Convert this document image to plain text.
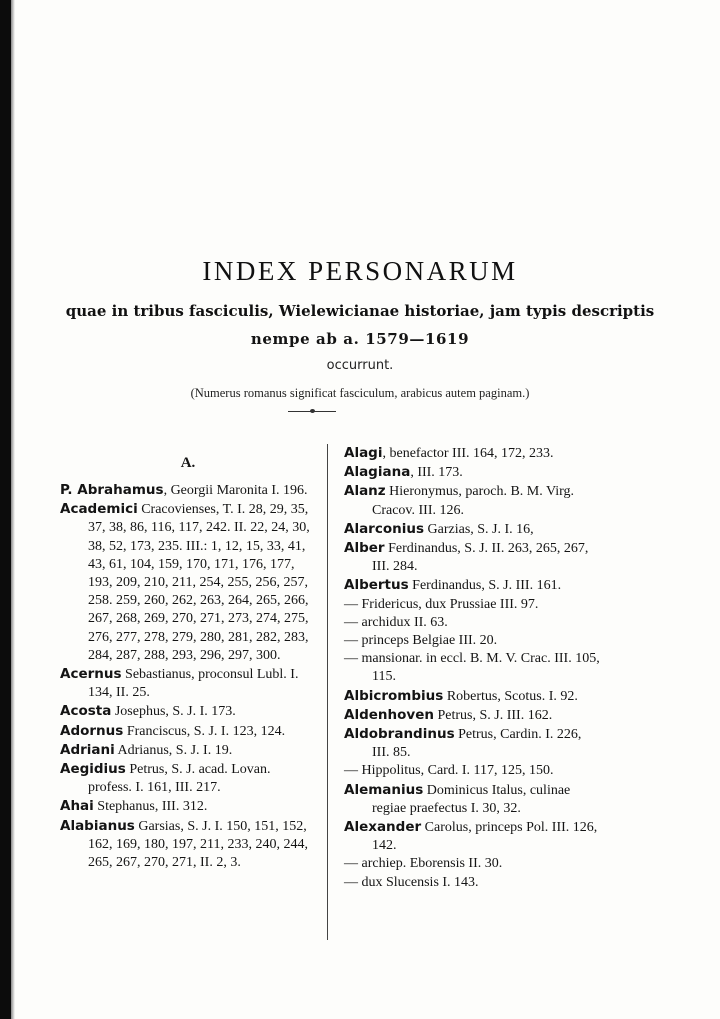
INDEX PERSONARUM
quae in tribus fasciculis, Wielewicianae historiae, jam typis descriptis
nempe ab a. 1579—1619
occurrunt.
(Numerus romanus significat fasciculum, arabicus autem paginam.)
A.
P. Abrahamus, Georgii Maronita I. 196.
Academici Cracovienses, T. I. 28, 29, 35, 37, 38, 86, 116, 117, 242. II. 22, 24, 30, 38, 52, 173, 235. III.: 1, 12, 15, 33, 41, 43, 61, 104, 159, 170, 171, 176, 177, 193, 209, 210, 211, 254, 255, 256, 257, 258. 259, 260, 262, 263, 264, 265, 266, 267, 268, 269, 270, 271, 273, 274, 275, 276, 277, 278, 279, 280, 281, 282, 283, 284, 287, 288, 293, 296, 297, 300.
Acernus Sebastianus, proconsul Lubl. I. 134, II. 25.
Acosta Josephus, S. J. I. 173.
Adornus Franciscus, S. J. I. 123, 124.
Adriani Adrianus, S. J. I. 19.
Aegidius Petrus, S. J. acad. Lovan. profess. I. 161, III. 217.
Ahai Stephanus, III. 312.
Alabianus Garsias, S. J. I. 150, 151, 152, 162, 169, 180, 197, 211, 233, 240, 244, 265, 267, 270, 271, II. 2, 3.
Alagi, benefactor III. 164, 172, 233.
Alagiana, III. 173.
Alanz Hieronymus, paroch. B. M. Virg. Cracov. III. 126.
Alarconius Garzias, S. J. I. 16,
Alber Ferdinandus, S. J. II. 263, 265, 267, III. 284.
Albertus Ferdinandus, S. J. III. 161.
— Fridericus, dux Prussiae III. 97.
— archidux II. 63.
— princeps Belgiae III. 20.
— mansionar. in eccl. B. M. V. Crac. III. 105, 115.
Albicrombius Robertus, Scotus. I. 92.
Aldenhoven Petrus, S. J. III. 162.
Aldobrandinus Petrus, Cardin. I. 226, III. 85.
— Hippolitus, Card. I. 117, 125, 150.
Alemanius Dominicus Italus, culinae regiae praefectus I. 30, 32.
Alexander Carolus, princeps Pol. III. 126, 142.
— archiep. Eborensis II. 30.
— dux Slucensis I. 143.
